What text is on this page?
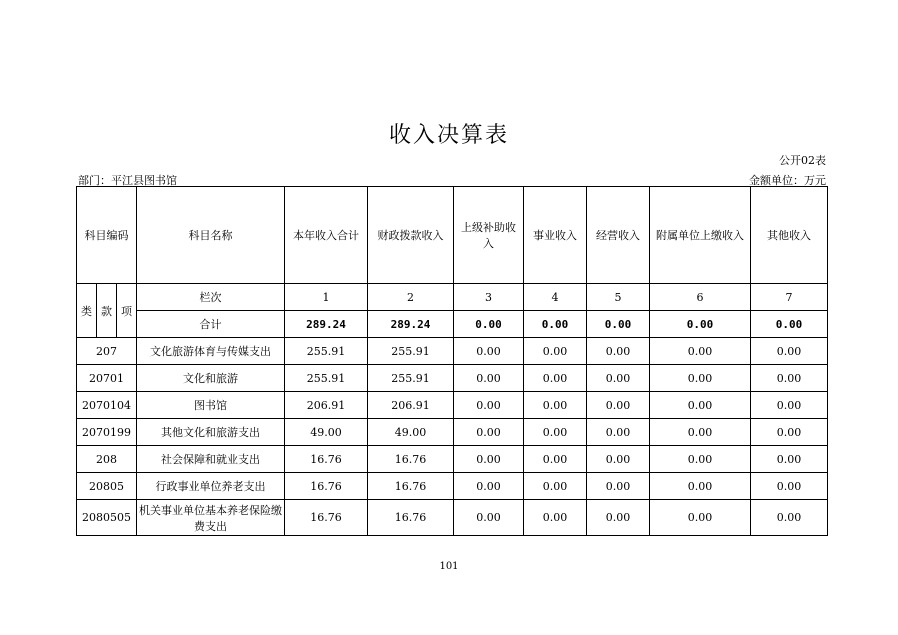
收入决算表
公开02表
部门：平江县图书馆	金额单位：万元
科目编码			科目名称	本年收入合计	财政拨款收入	上级补助收入	事业收入	经营收入	附属单位上缴收入	其他收入
类	款	项	栏次	1	2	3	4	5	6	7
			合计	289.24	289.24	0.00	0.00	0.00	0.00	0.00
207			文化旅游体育与传媒支出	255.91	255.91	0.00	0.00	0.00	0.00	0.00
20701			文化和旅游	255.91	255.91	0.00	0.00	0.00	0.00	0.00
2070104			图书馆	206.91	206.91	0.00	0.00	0.00	0.00	0.00
2070199			其他文化和旅游支出	49.00	49.00	0.00	0.00	0.00	0.00	0.00
208			社会保障和就业支出	16.76	16.76	0.00	0.00	0.00	0.00	0.00
20805			行政事业单位养老支出	16.76	16.76	0.00	0.00	0.00	0.00	0.00
2080505			机关事业单位基本养老保险缴费支出	16.76	16.76	0.00	0.00	0.00	0.00	0.00
101
